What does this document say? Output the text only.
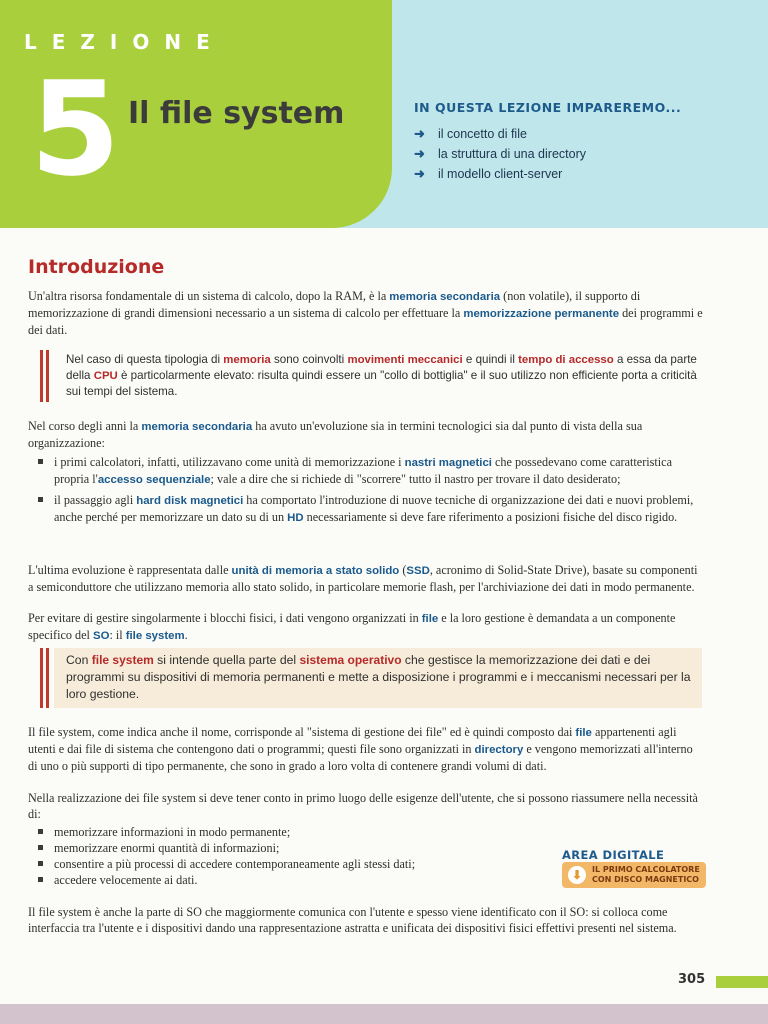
LEZIONE
5 Il file system	IN QUESTA LEZIONE IMPAREREMO...
➜ il concetto di file
➜ la struttura di una directory
➜ il modello client-server
Introduzione

Un'altra risorsa fondamentale di un sistema di calcolo, dopo la RAM, è la memoria secondaria (non volatile), il supporto di memorizzazione di grandi dimensioni necessario a un sistema di calcolo per effettuare la memorizzazione permanente dei programmi e dei dati.

Nel caso di questa tipologia di memoria sono coinvolti movimenti meccanici e quindi il tempo di accesso a essa da parte della CPU è particolarmente elevato: risulta quindi essere un "collo di bottiglia" e il suo utilizzo non efficiente porta a criticità sui tempi del sistema.

Nel corso degli anni la memoria secondaria ha avuto un'evoluzione sia in termini tecnologici sia dal punto di vista della sua organizzazione:

i primi calcolatori, infatti, utilizzavano come unità di memorizzazione i nastri magnetici che possedevano come caratteristica propria l'accesso sequenziale; vale a dire che si richiede di "scorrere" tutto il nastro per trovare il dato desiderato;
il passaggio agli hard disk magnetici ha comportato l'introduzione di nuove tecniche di organizzazione dei dati e nuovi problemi, anche perché per memorizzare un dato su di un HD necessariamente si deve fare riferimento a posizioni fisiche del disco rigido.

L'ultima evoluzione è rappresentata dalle unità di memoria a stato solido (SSD, acronimo di Solid-State Drive), basate su componenti a semiconduttore che utilizzano memoria allo stato solido, in particolare memorie flash, per l'archiviazione dei dati in modo permanente.

Per evitare di gestire singolarmente i blocchi fisici, i dati vengono organizzati in file e la loro gestione è demandata a un componente specifico del SO: il file system.

Con file system si intende quella parte del sistema operativo che gestisce la memorizzazione dei dati e dei programmi su dispositivi di memoria permanenti e mette a disposizione i programmi e i meccanismi necessari per la loro gestione.

Il file system, come indica anche il nome, corrisponde al "sistema di gestione dei file" ed è quindi composto dai file appartenenti agli utenti e dai file di sistema che contengono dati o programmi; questi file sono organizzati in directory e vengono memorizzati all'interno di uno o più supporti di tipo permanente, che sono in grado a loro volta di contenere grandi volumi di dati.

Nella realizzazione dei file system si deve tener conto in primo luogo delle esigenze dell'utente, che si possono riassumere nella necessità di:

memorizzare informazioni in modo permanente;
memorizzare enormi quantità di informazioni;
consentire a più processi di accedere contemporaneamente agli stessi dati;
accedere velocemente ai dati.
AREA DIGITALE
⬇	IL PRIMO CALCOLATORE CON DISCO MAGNETICO

Il file system è anche la parte di SO che maggiormente comunica con l'utente e spesso viene identificato con il SO: si colloca come interfaccia tra l'utente e i dispositivi dando una rappresentazione astratta e unificata dei dispositivi fisici effettivi presenti nel sistema.

305
